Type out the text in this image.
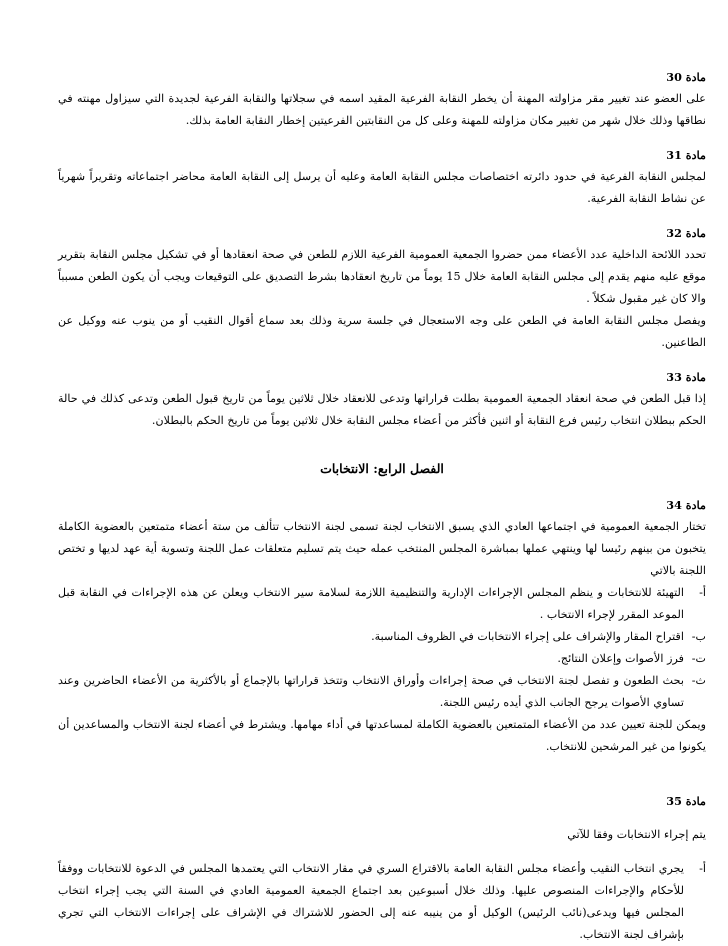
مادة 30

على العضو عند تغيير مقر مزاولته المهنة أن يخطر النقابة الفرعية المقيد اسمه في سجلاتها والنقابة الفرعية لجديدة التي سيزاول مهنته في نطاقها وذلك خلال شهر من تغيير مكان مزاولته للمهنة وعلى كل من النقابتين الفرعيتين إخطار النقابة العامة بذلك.

مادة 31

لمجلس النقابة الفرعية في حدود دائرته اختصاصات مجلس النقابة العامة وعليه أن يرسل إلى النقابة العامة محاضر اجتماعاته وتقريراً شهرياً عن نشاط النقابة الفرعية.

مادة 32

تحدد اللائحة الداخلية عدد الأعضاء ممن حضروا الجمعية العمومية الفرعية اللازم للطعن في صحة انعقادها أو في تشكيل مجلس النقابة بتقرير موقع عليه منهم يقدم إلى مجلس النقابة العامة خلال 15 يوماً من تاريخ انعقادها بشرط التصديق على التوقيعات ويجب أن يكون الطعن مسبباً والا كان غير مقبول شكلاً .

ويفصل مجلس النقابة العامة في الطعن على وجه الاستعجال في جلسة سرية وذلك بعد سماع أقوال النقيب أو من ينوب عنه ووكيل عن الطاعنين.

مادة 33

إذا قبل الطعن في صحة انعقاد الجمعية العمومية بطلت قراراتها وتدعى للانعقاد خلال ثلاثين يوماً من تاريخ قبول الطعن وتدعى كذلك في حالة الحكم ببطلان انتخاب رئيس فرع النقابة أو اثنين فأكثر من أعضاء مجلس النقابة خلال ثلاثين يوماً من تاريخ الحكم بالبطلان.

الفصل الرابع: الانتخابات

مادة 34

تختار الجمعية العمومية في اجتماعها العادي الذي يسبق الانتخاب لجنة تسمى لجنة الانتخاب تتألف من ستة أعضاء متمتعين بالعضوية الكاملة يتخبون من بينهم رئيسا لها وينتهي عملها بمباشرة المجلس المنتخب عمله حيث يتم تسليم متعلقات عمل اللجنة وتسوية أية عهد لديها و تختص اللجنة بالاتي

أ-
التهيئة للانتخابات و ينظم المجلس الإجراءات الإدارية والتنظيمية اللازمة لسلامة سير الانتخاب ويعلن عن هذه الإجراءات في النقابة قبل الموعد المقرر لإجراء الانتخاب .
ب-
اقتراح المقار والإشراف على إجراء الانتخابات في الظروف المناسبة.
ت-
فرز الأصوات وإعلان النتائج.
ث-
بحث الطعون و تفصل لجنة الانتخاب في صحة إجراءات وأوراق الانتخاب وتتخذ قراراتها بالإجماع أو بالأكثرية من الأعضاء الحاضرين وعند تساوي الأصوات يرجح الجانب الذي أيده رئيس اللجنة.

ويمكن للجنة تعيين عدد من الأعضاء المتمتعين بالعضوية الكاملة لمساعدتها في أداء مهامها. ويشترط في أعضاء لجنة الانتخاب والمساعدين أن يكونوا من غير المرشحين للانتخاب.

مادة 35

يتم إجراء الانتخابات وفقا للآتي

أ-
يجري انتخاب النقيب وأعضاء مجلس النقابة العامة بالاقتراع السري في مقار الانتخاب التي يعتمدها المجلس في الدعوة للانتخابات ووفقاً للأحكام والإجراءات المنصوص عليها. وذلك خلال أسبوعين بعد اجتماع الجمعية العمومية العادي في السنة التي يجب إجراء انتخاب المجلس فيها ويدعى(نائب الرئيس) الوكيل أو من ينيبه عنه إلى الحضور للاشتراك في الإشراف على إجراءات الانتخاب التي تجري بإشراف لجنة الانتخاب.
